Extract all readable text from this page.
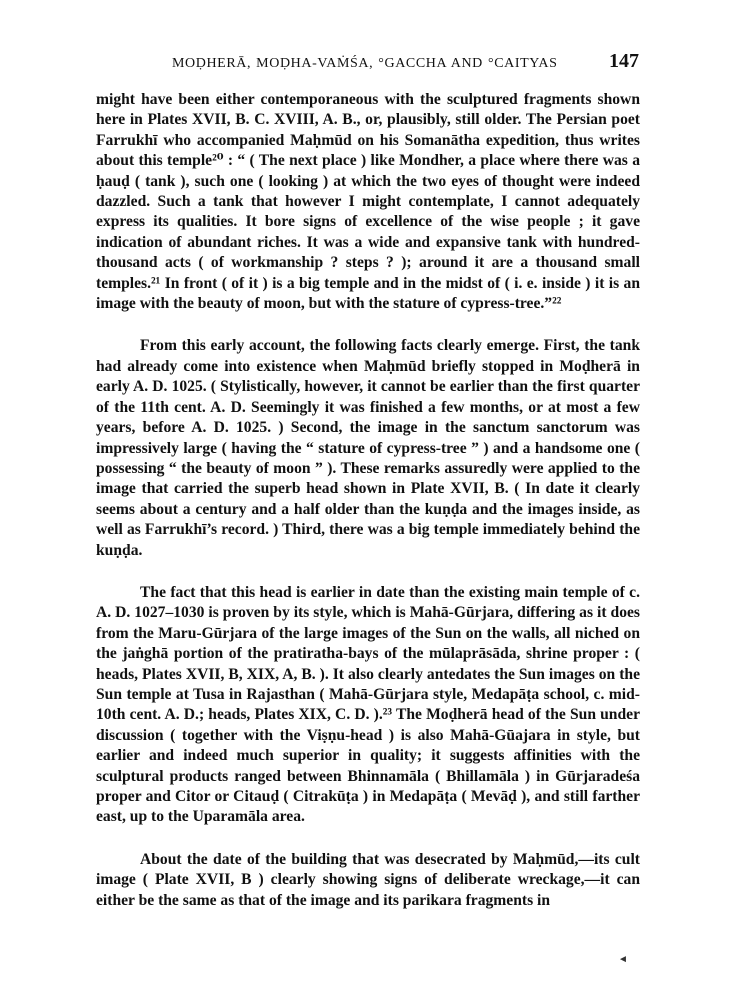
MOḌHERĀ, MOḌHA-VAṀŚA, °GACCHA AND °CAITYAS	147

might have been either contemporaneous with the sculptured fragments shown here in Plates XVII, B. C. XVIII, A. B., or, plausibly, still older. The Persian poet Farrukhī who accompanied Maḥmūd on his Somanātha expedition, thus writes about this temple²⁰ : “ ( The next place ) like Mondher, a place where there was a ḥauḍ ( tank ), such one ( looking ) at which the two eyes of thought were indeed dazzled. Such a tank that however I might contemplate, I cannot adequately express its qualities. It bore signs of excellence of the wise people ; it gave indication of abundant riches. It was a wide and expansive tank with hundred-thousand acts ( of workmanship ? steps ? ); around it are a thousand small temples.²¹ In front ( of it ) is a big temple and in the midst of ( i. e. inside ) it is an image with the beauty of moon, but with the stature of cypress-tree.”²²

From this early account, the following facts clearly emerge. First, the tank had already come into existence when Maḥmūd briefly stopped in Moḍherā in early A. D. 1025. ( Stylistically, however, it cannot be earlier than the first quarter of the 11th cent. A. D. Seemingly it was finished a few months, or at most a few years, before A. D. 1025. ) Second, the image in the sanctum sanctorum was impressively large ( having the “ stature of cypress-tree ” ) and a handsome one ( possessing “ the beauty of moon ” ). These remarks assuredly were applied to the image that carried the superb head shown in Plate XVII, B. ( In date it clearly seems about a century and a half older than the kuṇḍa and the images inside, as well as Farrukhī’s record. ) Third, there was a big temple immediately behind the kuṇḍa.

The fact that this head is earlier in date than the existing main temple of c. A. D. 1027–1030 is proven by its style, which is Mahā-Gūrjara, differing as it does from the Maru-Gūrjara of the large images of the Sun on the walls, all niched on the jaṅghā portion of the pratiratha-bays of the mūlaprāsāda, shrine proper : ( heads, Plates XVII, B, XIX, A, B. ). It also clearly antedates the Sun images on the Sun temple at Tusa in Rajasthan ( Mahā-Gūrjara style, Medapāṭa school, c. mid-10th cent. A. D.; heads, Plates XIX, C. D. ).²³ The Moḍherā head of the Sun under discussion ( together with the Viṣṇu-head ) is also Mahā-Gūajara in style, but earlier and indeed much superior in quality; it suggests affinities with the sculptural products ranged between Bhinnamāla ( Bhillamāla ) in Gūrjaradeśa proper and Citor or Citauḍ ( Citrakūṭa ) in Medapāṭa ( Mevāḍ ), and still farther east, up to the Uparamāla area.

About the date of the building that was desecrated by Maḥmūd,—its cult image ( Plate XVII, B ) clearly showing signs of deliberate wreckage,—it can either be the same as that of the image and its parikara fragments in

◄
